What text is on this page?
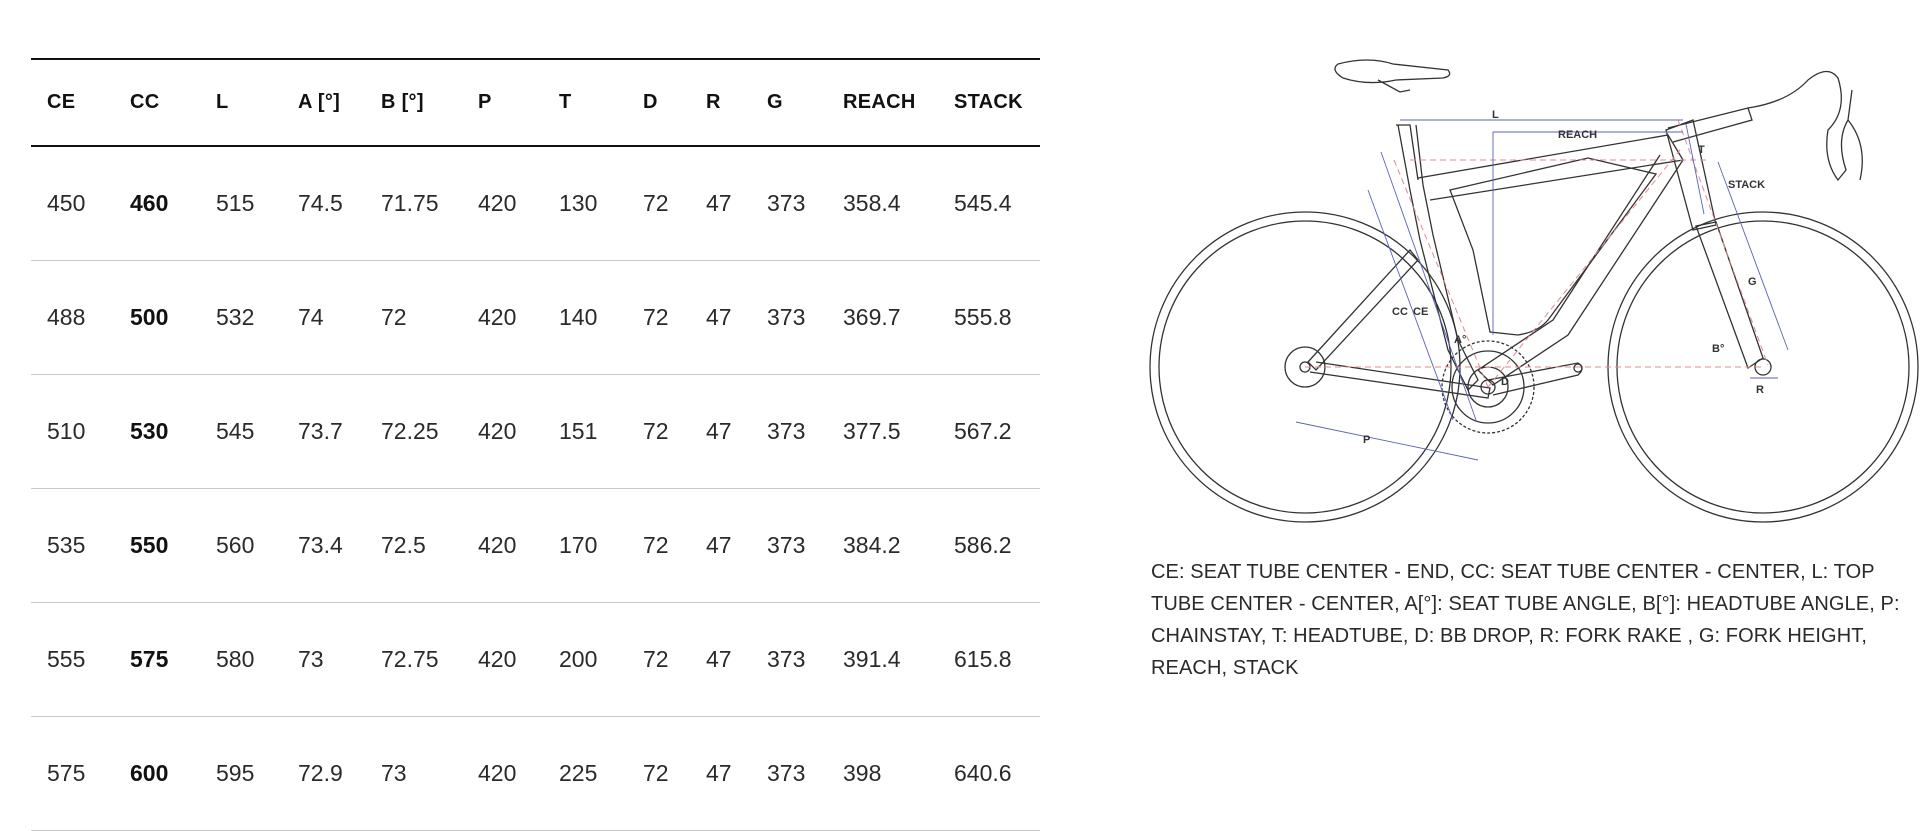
CE	CC	L	A [°]	B [°]	P	T	D	R	G	REACH	STACK
450	460	515	74.5	71.75	420	130	72	47	373	358.4	545.4
488	500	532	74	72	420	140	72	47	373	369.7	555.8
510	530	545	73.7	72.25	420	151	72	47	373	377.5	567.2
535	550	560	73.4	72.5	420	170	72	47	373	384.2	586.2
555	575	580	73	72.75	420	200	72	47	373	391.4	615.8
575	600	595	72.9	73	420	225	72	47	373	398	640.6
L
REACH
T
STACK
CC CE
A°
D
B°
G
R
P
CE: SEAT TUBE CENTER - END, CC: SEAT TUBE CENTER - CENTER, L: TOP TUBE CENTER - CENTER, A[°]: SEAT TUBE ANGLE, B[°]: HEADTUBE ANGLE, P: CHAINSTAY, T: HEADTUBE, D: BB DROP, R: FORK RAKE , G: FORK HEIGHT, REACH, STACK
